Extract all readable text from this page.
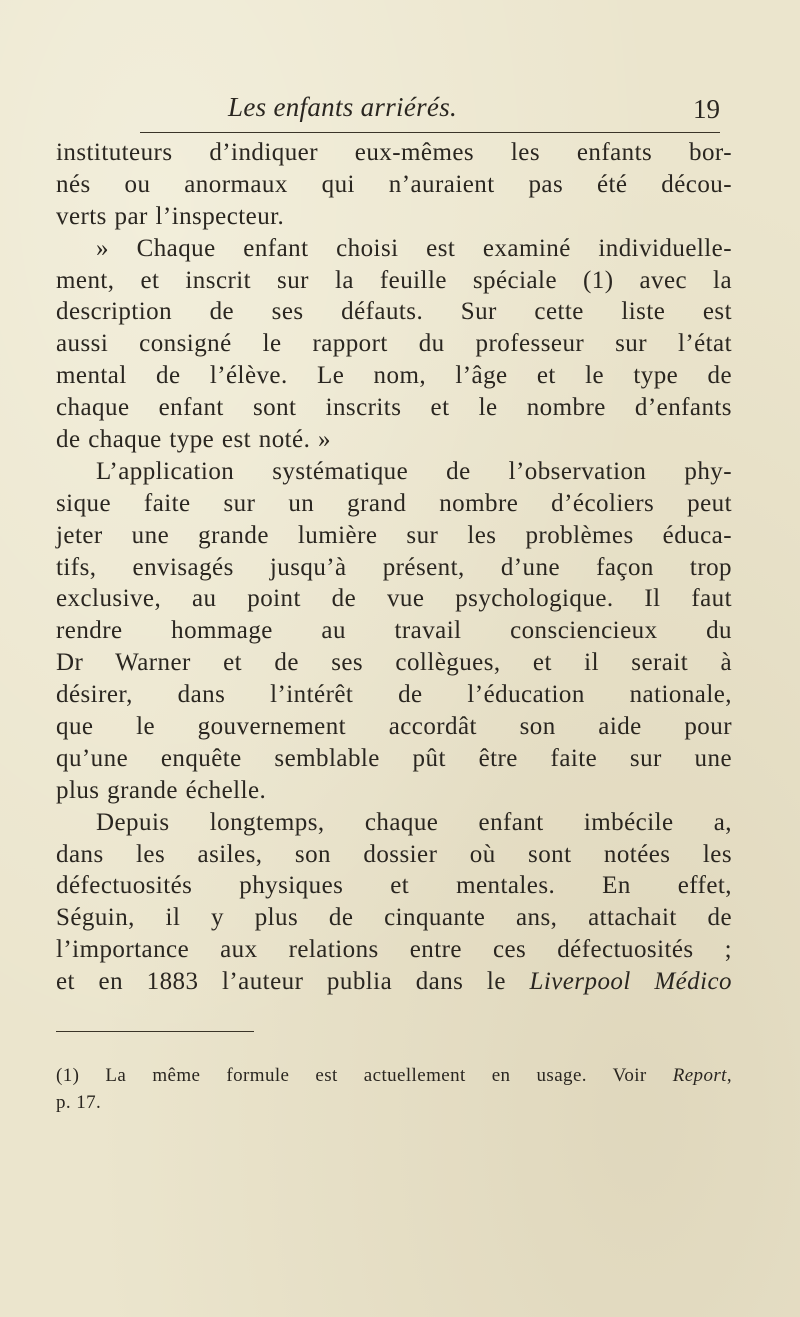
Les enfants arriérés.	19
instituteurs d’indiquer eux-mêmes les enfants bor-
nés ou anormaux qui n’auraient pas été décou-
verts par l’inspecteur.
» Chaque enfant choisi est examiné individuelle-
ment, et inscrit sur la feuille spéciale (1) avec la
description de ses défauts. Sur cette liste est
aussi consigné le rapport du professeur sur l’état
mental de l’élève. Le nom, l’âge et le type de
chaque enfant sont inscrits et le nombre d’enfants
de chaque type est noté. »
L’application systématique de l’observation phy-
sique faite sur un grand nombre d’écoliers peut
jeter une grande lumière sur les problèmes éduca-
tifs, envisagés jusqu’à présent, d’une façon trop
exclusive, au point de vue psychologique. Il faut
rendre hommage au travail consciencieux du
Dr Warner et de ses collègues, et il serait à
désirer, dans l’intérêt de l’éducation nationale,
que le gouvernement accordât son aide pour
qu’une enquête semblable pût être faite sur une
plus grande échelle.
Depuis longtemps, chaque enfant imbécile a,
dans les asiles, son dossier où sont notées les
défectuosités physiques et mentales. En effet,
Séguin, il y plus de cinquante ans, attachait de
l’importance aux relations entre ces défectuosités ;
et en 1883 l’auteur publia dans le Liverpool Médico
(1) La même formule est actuellement en usage. Voir Report,
p. 17.
